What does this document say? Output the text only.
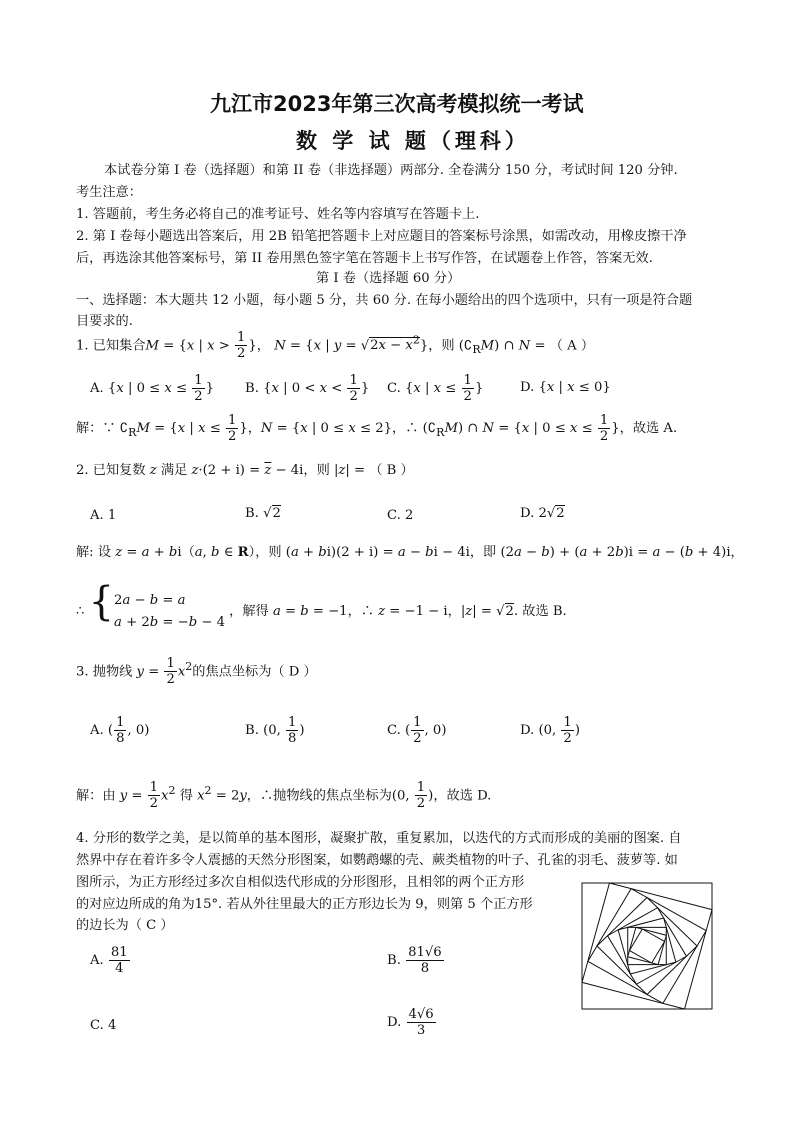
九江市2023年第三次高考模拟统一考试
数 学 试 题（理科）
本试卷分第 I 卷（选择题）和第 II 卷（非选择题）两部分. 全卷满分 150 分，考试时间 120 分钟.
考生注意：
1. 答题前，考生务必将自己的准考证号、姓名等内容填写在答题卡上.
2. 第 I 卷每小题选出答案后，用 2B 铅笔把答题卡上对应题目的答案标号涂黑，如需改动，用橡皮擦干净
后，再选涂其他答案标号，第 II 卷用黑色签字笔在答题卡上书写作答，在试题卷上作答，答案无效.
第 I 卷（选择题 60 分）
一、选择题：本大题共 12 小题，每小题 5 分，共 60 分. 在每小题给出的四个选项中，只有一项是符合题
目要求的.
1. 已知集合M = {x | $x > \frac{1}{2}$ }， N = {x | $y = √2x - x^2$}，则 $(∁_RM)$ ∩ N = （ A ）
A. {x | $0 \le x \le \frac{1}{2}$ } B. {x | $0 < x < \frac{1}{2}$ } C. {x | $x \le \frac{1}{2}$ }	D. {x | x ≤ 0}
解：∵ $∁_RM = \{x$ | $x \le \frac{1}{2}$ }，N = {x | 0 ≤ x ≤ 2}，∴ $(∁_RM)$ ∩ N = {x | $0 \le x \le \frac{1}{2}$ }，故选 A.
2. 已知复数 z 满足 $z\cdot(2 + i) = \overline{z} - 4i$，则 |z| = （ B ）
A. 1	B. √2	C. 2	D. 2√2
解: 设 z = a + bi（a, b ∈ R），则 (a + bi)(2 + i) = a − bi − 4i，即 (2a − b) + (a + 2b)i = a − (b + 4)i，
∴ { 2a − b = a
a + 2b = −b − 4
，解得 a = b = −1，∴ z = −1 − i，|z| = √2. 故选 B.
3. 抛物线 $y = \frac{1}{2} x^2$的焦点坐标为（ D ）
A. ( $\frac{1}{8}$ , 0)	B. (0, $\frac{1}{8}$ )	C. ( $\frac{1}{2}$ , 0)	D. (0, $\frac{1}{2}$ )
解：由 $y = \frac{1}{2} x^2$ 得 $x^2 = 2y$，∴抛物线的焦点坐标为(0, $\frac{1}{2}$ )，故选 D.
4. 分形的数学之美，是以简单的基本图形，凝聚扩散，重复累加，以迭代的方式而形成的美丽的图案. 自
然界中存在着许多令人震撼的天然分形图案，如鹦鹉螺的壳、蕨类植物的叶子、孔雀的羽毛、菠萝等. 如
图所示，为正方形经过多次自相似迭代形成的分形图形，且相邻的两个正方形
的对应边所成的角为15°. 若从外往里最大的正方形边长为 9，则第 5 个正方形
的边长为（ C ）
A. $\frac{81}{4}$	B. $\frac{81√6}{8}$
C. 4	D. $\frac{4√6}{3}$
